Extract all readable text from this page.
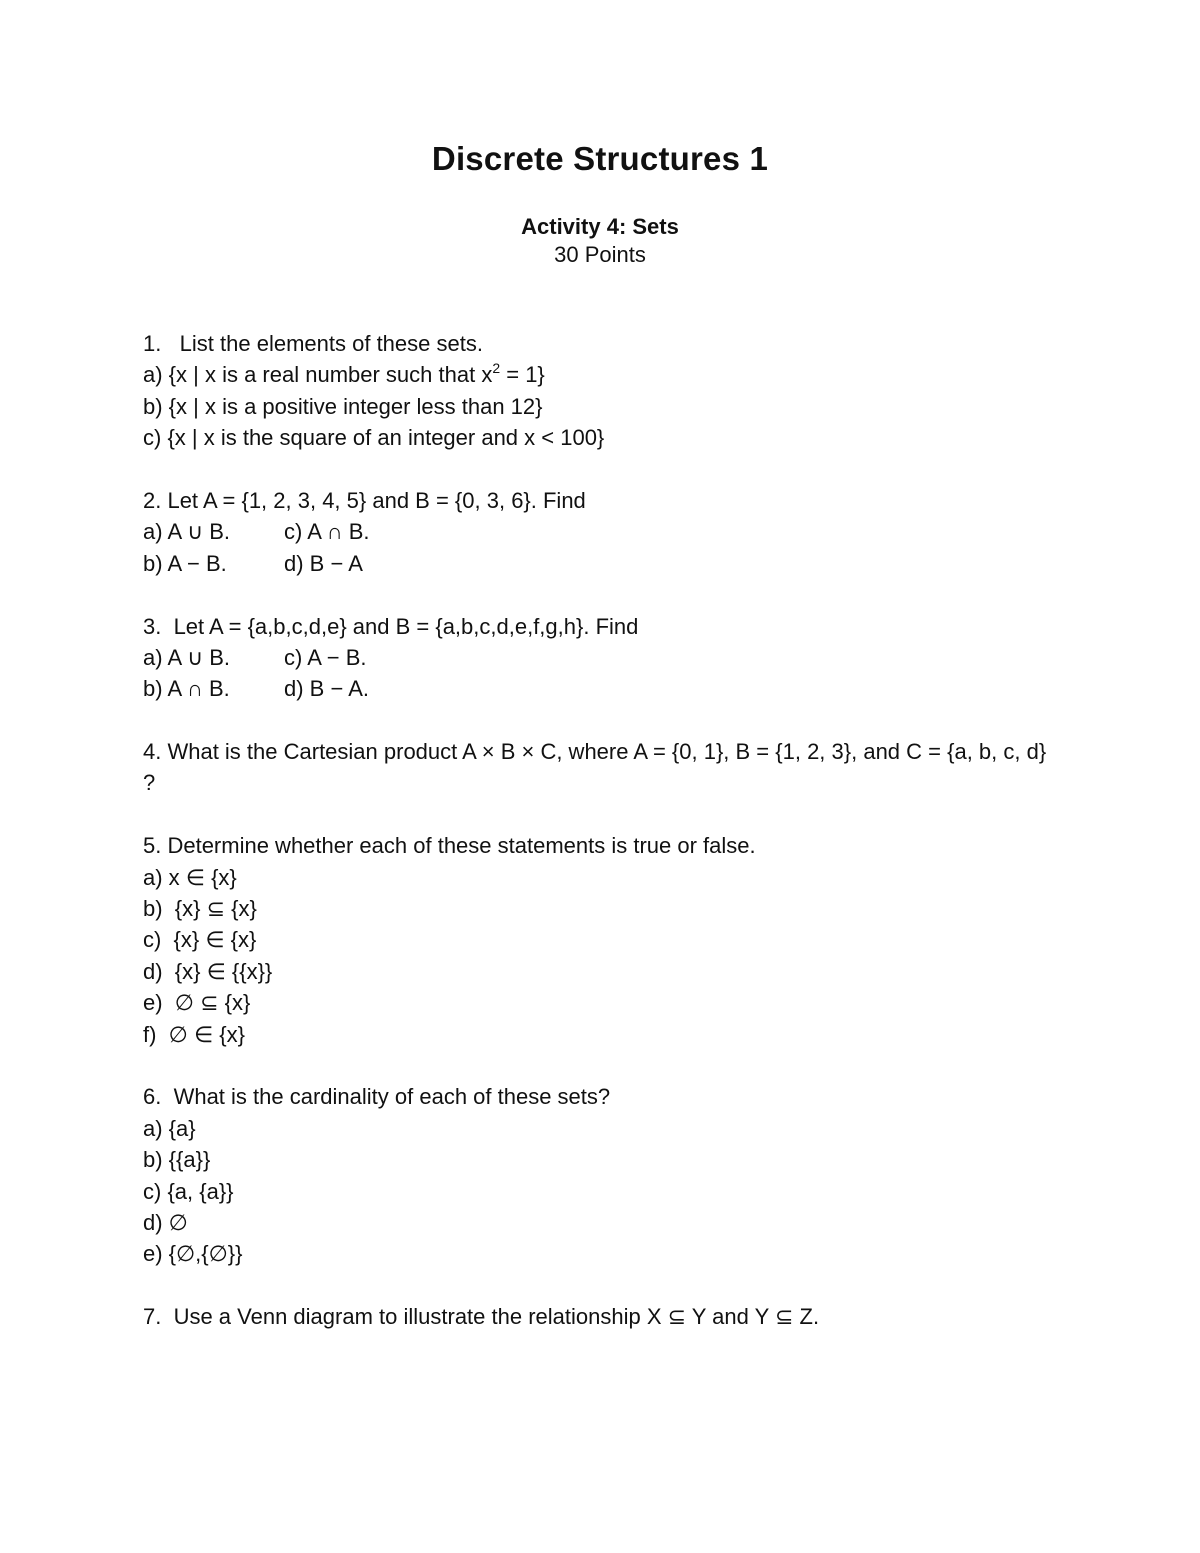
Discrete Structures 1
Activity 4: Sets
30 Points
1.   List the elements of these sets.
a) {x | x is a real number such that $x^2 = 1$}
b) {x | x is a positive integer less than 12}
c) {x | x is the square of an integer and x < 100}
2. Let A = {1, 2, 3, 4, 5} and B = {0, 3, 6}. Find
a) A ∪ B. c) A ∩ B.
b) A − B.	d) B − A
3.  Let A = {a,b,c,d,e} and B = {a,b,c,d,e,f,g,h}. Find
a) A ∪ B. c) A − B.
b) A ∩ B. d) B − A.
4. What is the Cartesian product A × B × C, where A = {0, 1}, B = {1, 2, 3}, and C = {a, b, c, d} ?
5. Determine whether each of these statements is true or false.
a) x ∈ {x}
b)  {x} ⊆ {x}
c)  {x} ∈ {x}
d)  {x} ∈ {{x}}
e)  ∅ ⊆ {x}
f)  ∅ ∈ {x}
6.  What is the cardinality of each of these sets?
a) {a}
b) {{a}}
c) {a, {a}}
d) ∅
e) {∅,{∅}}
7.  Use a Venn diagram to illustrate the relationship X ⊆ Y and Y ⊆ Z.
